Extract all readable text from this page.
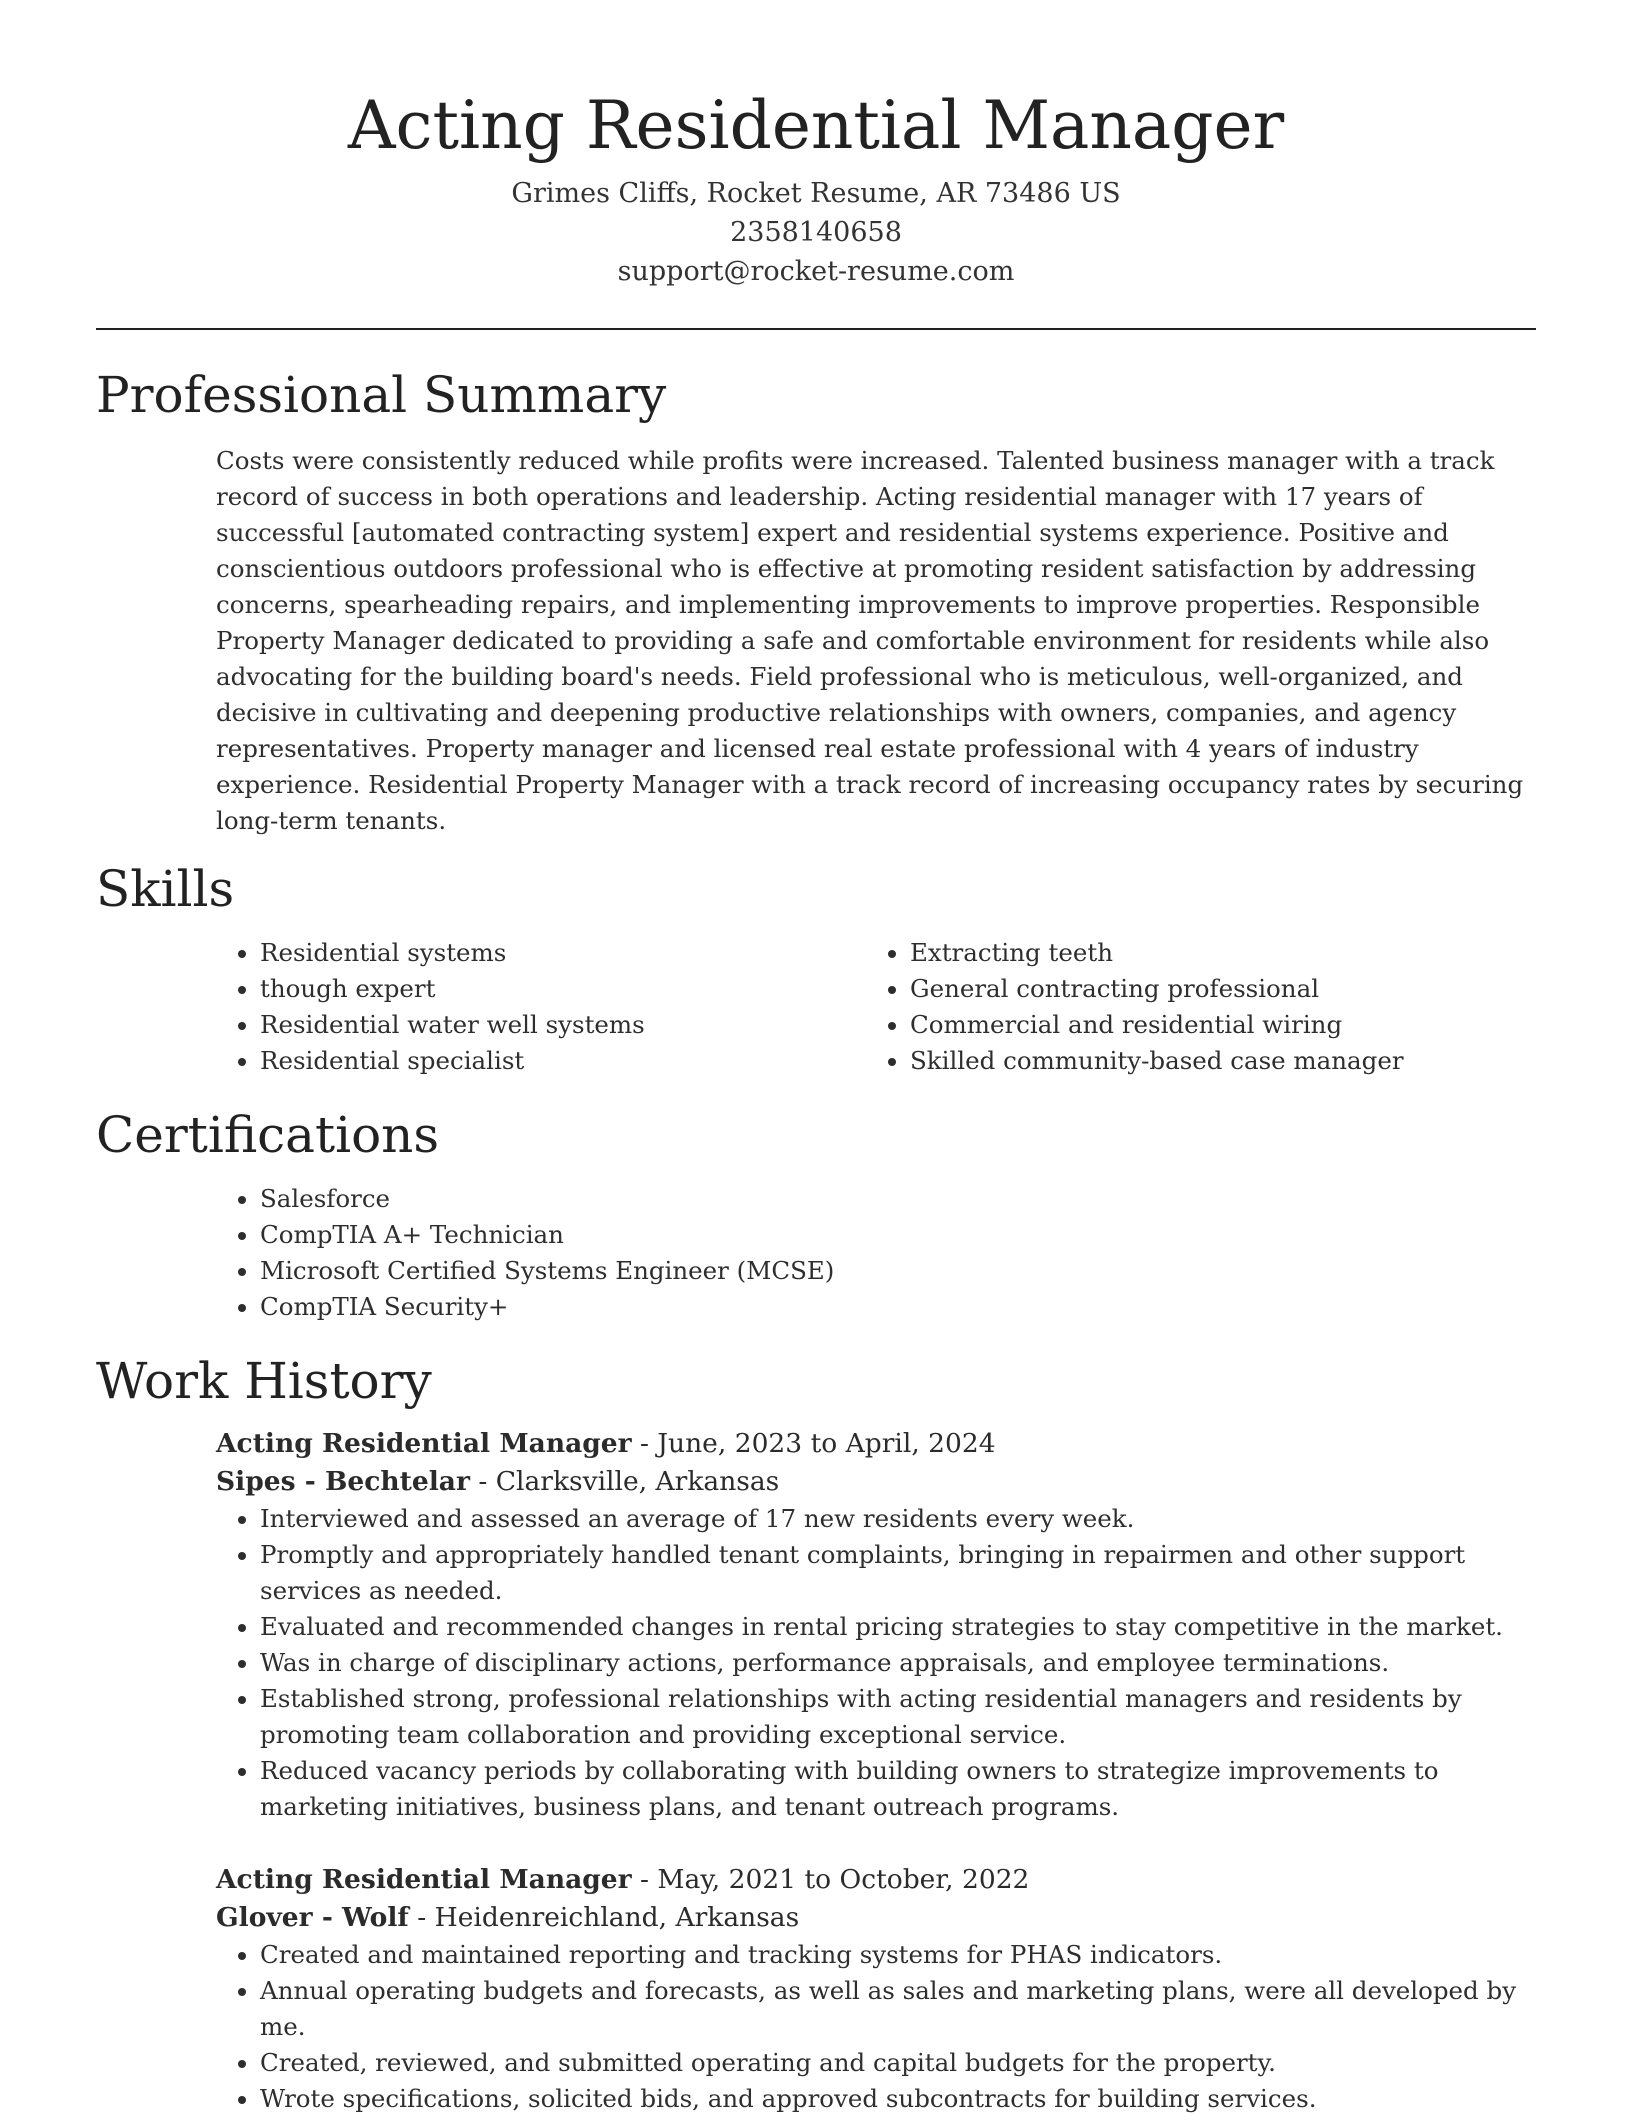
Acting Residential Manager
Grimes Cliffs, Rocket Resume, AR 73486 US
2358140658
support@rocket-resume.com
Professional Summary
Costs were consistently reduced while profits were increased. Talented business manager with a track record of success in both operations and leadership. Acting residential manager with 17 years of successful [automated contracting system] expert and residential systems experience. Positive and conscientious outdoors professional who is effective at promoting resident satisfaction by addressing concerns, spearheading repairs, and implementing improvements to improve properties. Responsible Property Manager dedicated to providing a safe and comfortable environment for residents while also advocating for the building board's needs. Field professional who is meticulous, well-organized, and decisive in cultivating and deepening productive relationships with owners, companies, and agency representatives. Property manager and licensed real estate professional with 4 years of industry experience. Residential Property Manager with a track record of increasing occupancy rates by securing long-term tenants.
Skills
• Residential systems
• though expert
• Residential water well systems
• Residential specialist
• Extracting teeth
• General contracting professional
• Commercial and residential wiring
• Skilled community-based case manager
Certifications
• Salesforce
• CompTIA A+ Technician
• Microsoft Certified Systems Engineer (MCSE)
• CompTIA Security+
Work History
Acting Residential Manager - June, 2023 to April, 2024
Sipes - Bechtelar - Clarksville, Arkansas
• Interviewed and assessed an average of 17 new residents every week.
• Promptly and appropriately handled tenant complaints, bringing in repairmen and other support services as needed.
• Evaluated and recommended changes in rental pricing strategies to stay competitive in the market.
• Was in charge of disciplinary actions, performance appraisals, and employee terminations.
• Established strong, professional relationships with acting residential managers and residents by promoting team collaboration and providing exceptional service.
• Reduced vacancy periods by collaborating with building owners to strategize improvements to marketing initiatives, business plans, and tenant outreach programs.
Acting Residential Manager - May, 2021 to October, 2022
Glover - Wolf - Heidenreichland, Arkansas
• Created and maintained reporting and tracking systems for PHAS indicators.
• Annual operating budgets and forecasts, as well as sales and marketing plans, were all developed by me.
• Created, reviewed, and submitted operating and capital budgets for the property.
• Wrote specifications, solicited bids, and approved subcontracts for building services.
